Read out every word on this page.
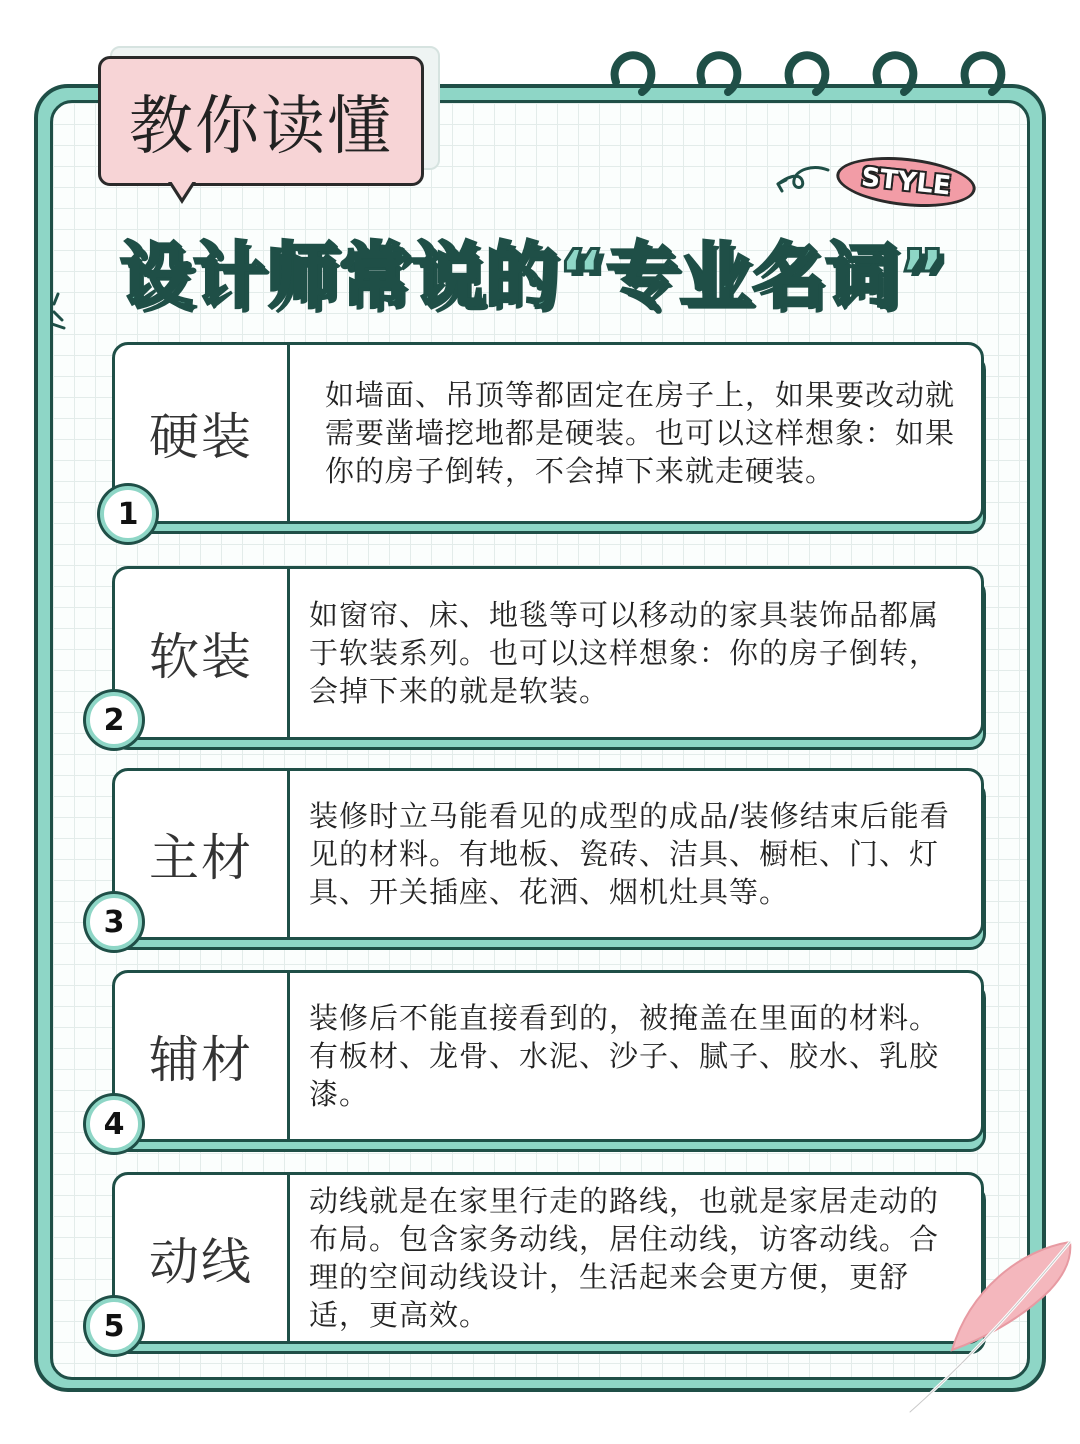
教你读懂
STYLE
设计师常说的“专业名词”
硬装
如墙面、吊顶等都固定在房子上，如果要改动就需要凿墙挖地都是硬装。也可以这样想象：如果你的房子倒转，不会掉下来就走硬装。
1
软装
如窗帘、床、地毯等可以移动的家具装饰品都属于软装系列。也可以这样想象：你的房子倒转，会掉下来的就是软装。
2
主材
装修时立马能看见的成型的成品/装修结束后能看见的材料。有地板、瓷砖、洁具、橱柜、门、灯具、开关插座、花洒、烟机灶具等。
3
辅材
装修后不能直接看到的，被掩盖在里面的材料。有板材、龙骨、水泥、沙子、腻子、胶水、乳胶漆。
4
动线
动线就是在家里行走的路线，也就是家居走动的布局。包含家务动线，居住动线，访客动线。合理的空间动线设计，生活起来会更方便，更舒适，更高效。
5
